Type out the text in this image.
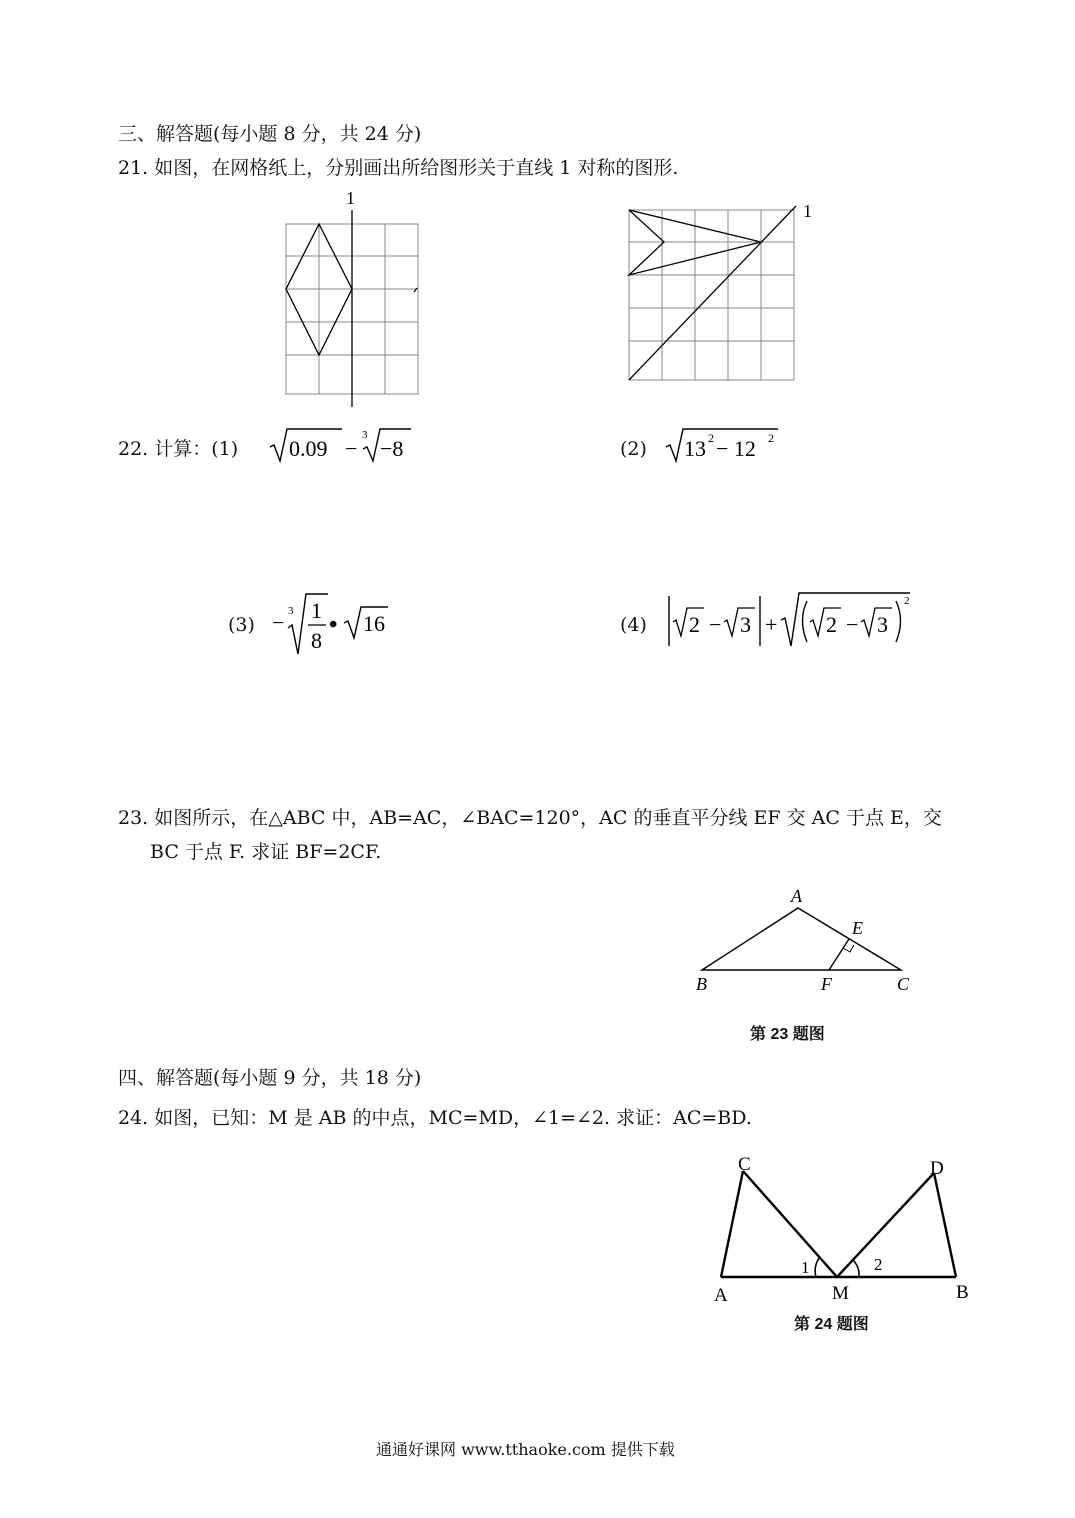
三、解答题(每小题 8 分，共 24 分)
21. 如图，在网格纸上，分别画出所给图形关于直线 1 对称的图形.
1
1
22. 计算：(1) 0.09 −
3
−8	(2) 13 2 − 12 2
(3) − 3 1
8
• 16	(4) 2 − 3 + 2 − 3
2
23. 如图所示，在△ABC 中，AB=AC，∠BAC=120°，AC 的垂直平分线 EF 交 AC 于点 E，交
BC 于点 F. 求证 BF=2CF.
A
B	C
E
F
第 23 题图
四、解答题(每小题 9 分，共 18 分)
24. 如图，已知：M 是 AB 的中点，MC=MD，∠1=∠2. 求证：AC=BD.
C	D
A	B
M
1	2
第 24 题图
通通好课网 www.tthaoke.com 提供下载
